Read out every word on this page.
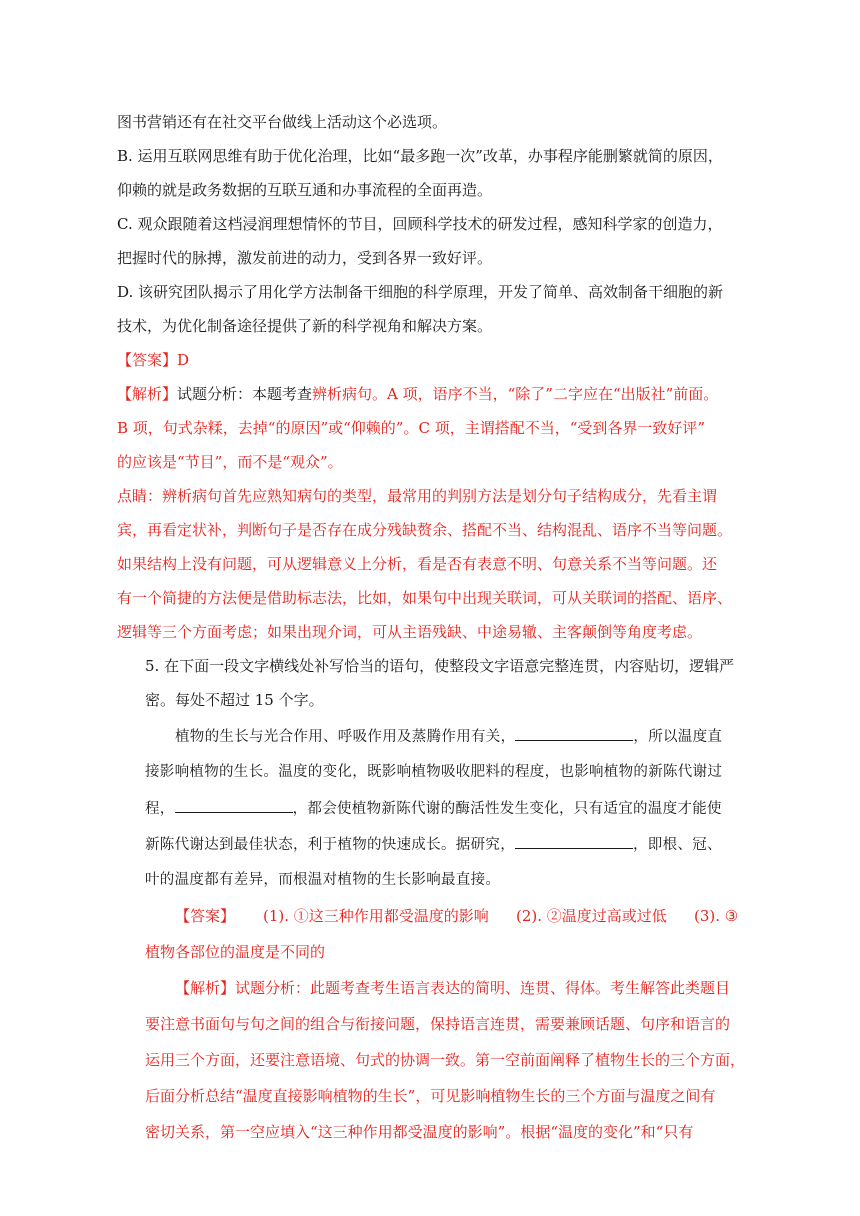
图书营销还有在社交平台做线上活动这个必选项。

B. 运用互联网思维有助于优化治理，比如“最多跑一次”改革，办事程序能删繁就简的原因，

仰赖的就是政务数据的互联互通和办事流程的全面再造。

C. 观众跟随着这档浸润理想情怀的节目，回顾科学技术的研发过程，感知科学家的创造力，

把握时代的脉搏，激发前进的动力，受到各界一致好评。

D. 该研究团队揭示了用化学方法制备干细胞的科学原理，开发了简单、高效制备干细胞的新

技术，为优化制备途径提供了新的科学视角和解决方案。

【答案】D

【解析】试题分析：本题考查辨析病句。A 项，语序不当，“除了”二字应在“出版社”前面。

B 项，句式杂糅，去掉“的原因”或“仰赖的”。C 项，主谓搭配不当，“受到各界一致好评”

的应该是“节目”，而不是“观众”。

点睛：辨析病句首先应熟知病句的类型，最常用的判别方法是划分句子结构成分，先看主谓

宾，再看定状补，判断句子是否存在成分残缺赘余、搭配不当、结构混乱、语序不当等问题。

如果结构上没有问题，可从逻辑意义上分析，看是否有表意不明、句意关系不当等问题。还

有一个简捷的方法便是借助标志法，比如，如果句中出现关联词，可从关联词的搭配、语序、

逻辑等三个方面考虑；如果出现介词，可从主语残缺、中途易辙、主客颠倒等角度考虑。

5. 在下面一段文字横线处补写恰当的语句，使整段文字语意完整连贯，内容贴切，逻辑严

密。每处不超过 15 个字。

植物的生长与光合作用、呼吸作用及蒸腾作用有关，	，所以温度直

接影响植物的生长。温度的变化，既影响植物吸收肥料的程度，也影响植物的新陈代谢过

程，	，都会使植物新陈代谢的酶活性发生变化，只有适宜的温度才能使

新陈代谢达到最佳状态，利于植物的快速成长。据研究，	，即根、冠、

叶的温度都有差异，而根温对植物的生长影响最直接。

【答案】 (1). ①这三种作用都受温度的影响 (2). ②温度过高或过低 (3). ③

植物各部位的温度是不同的

【解析】试题分析：此题考查考生语言表达的简明、连贯、得体。考生解答此类题目

要注意书面句与句之间的组合与衔接问题，保持语言连贯，需要兼顾话题、句序和语言的

运用三个方面，还要注意语境、句式的协调一致。第一空前面阐释了植物生长的三个方面，

后面分析总结“温度直接影响植物的生长”，可见影响植物生长的三个方面与温度之间有

密切关系，第一空应填入“这三种作用都受温度的影响”。根据“温度的变化”和“只有
